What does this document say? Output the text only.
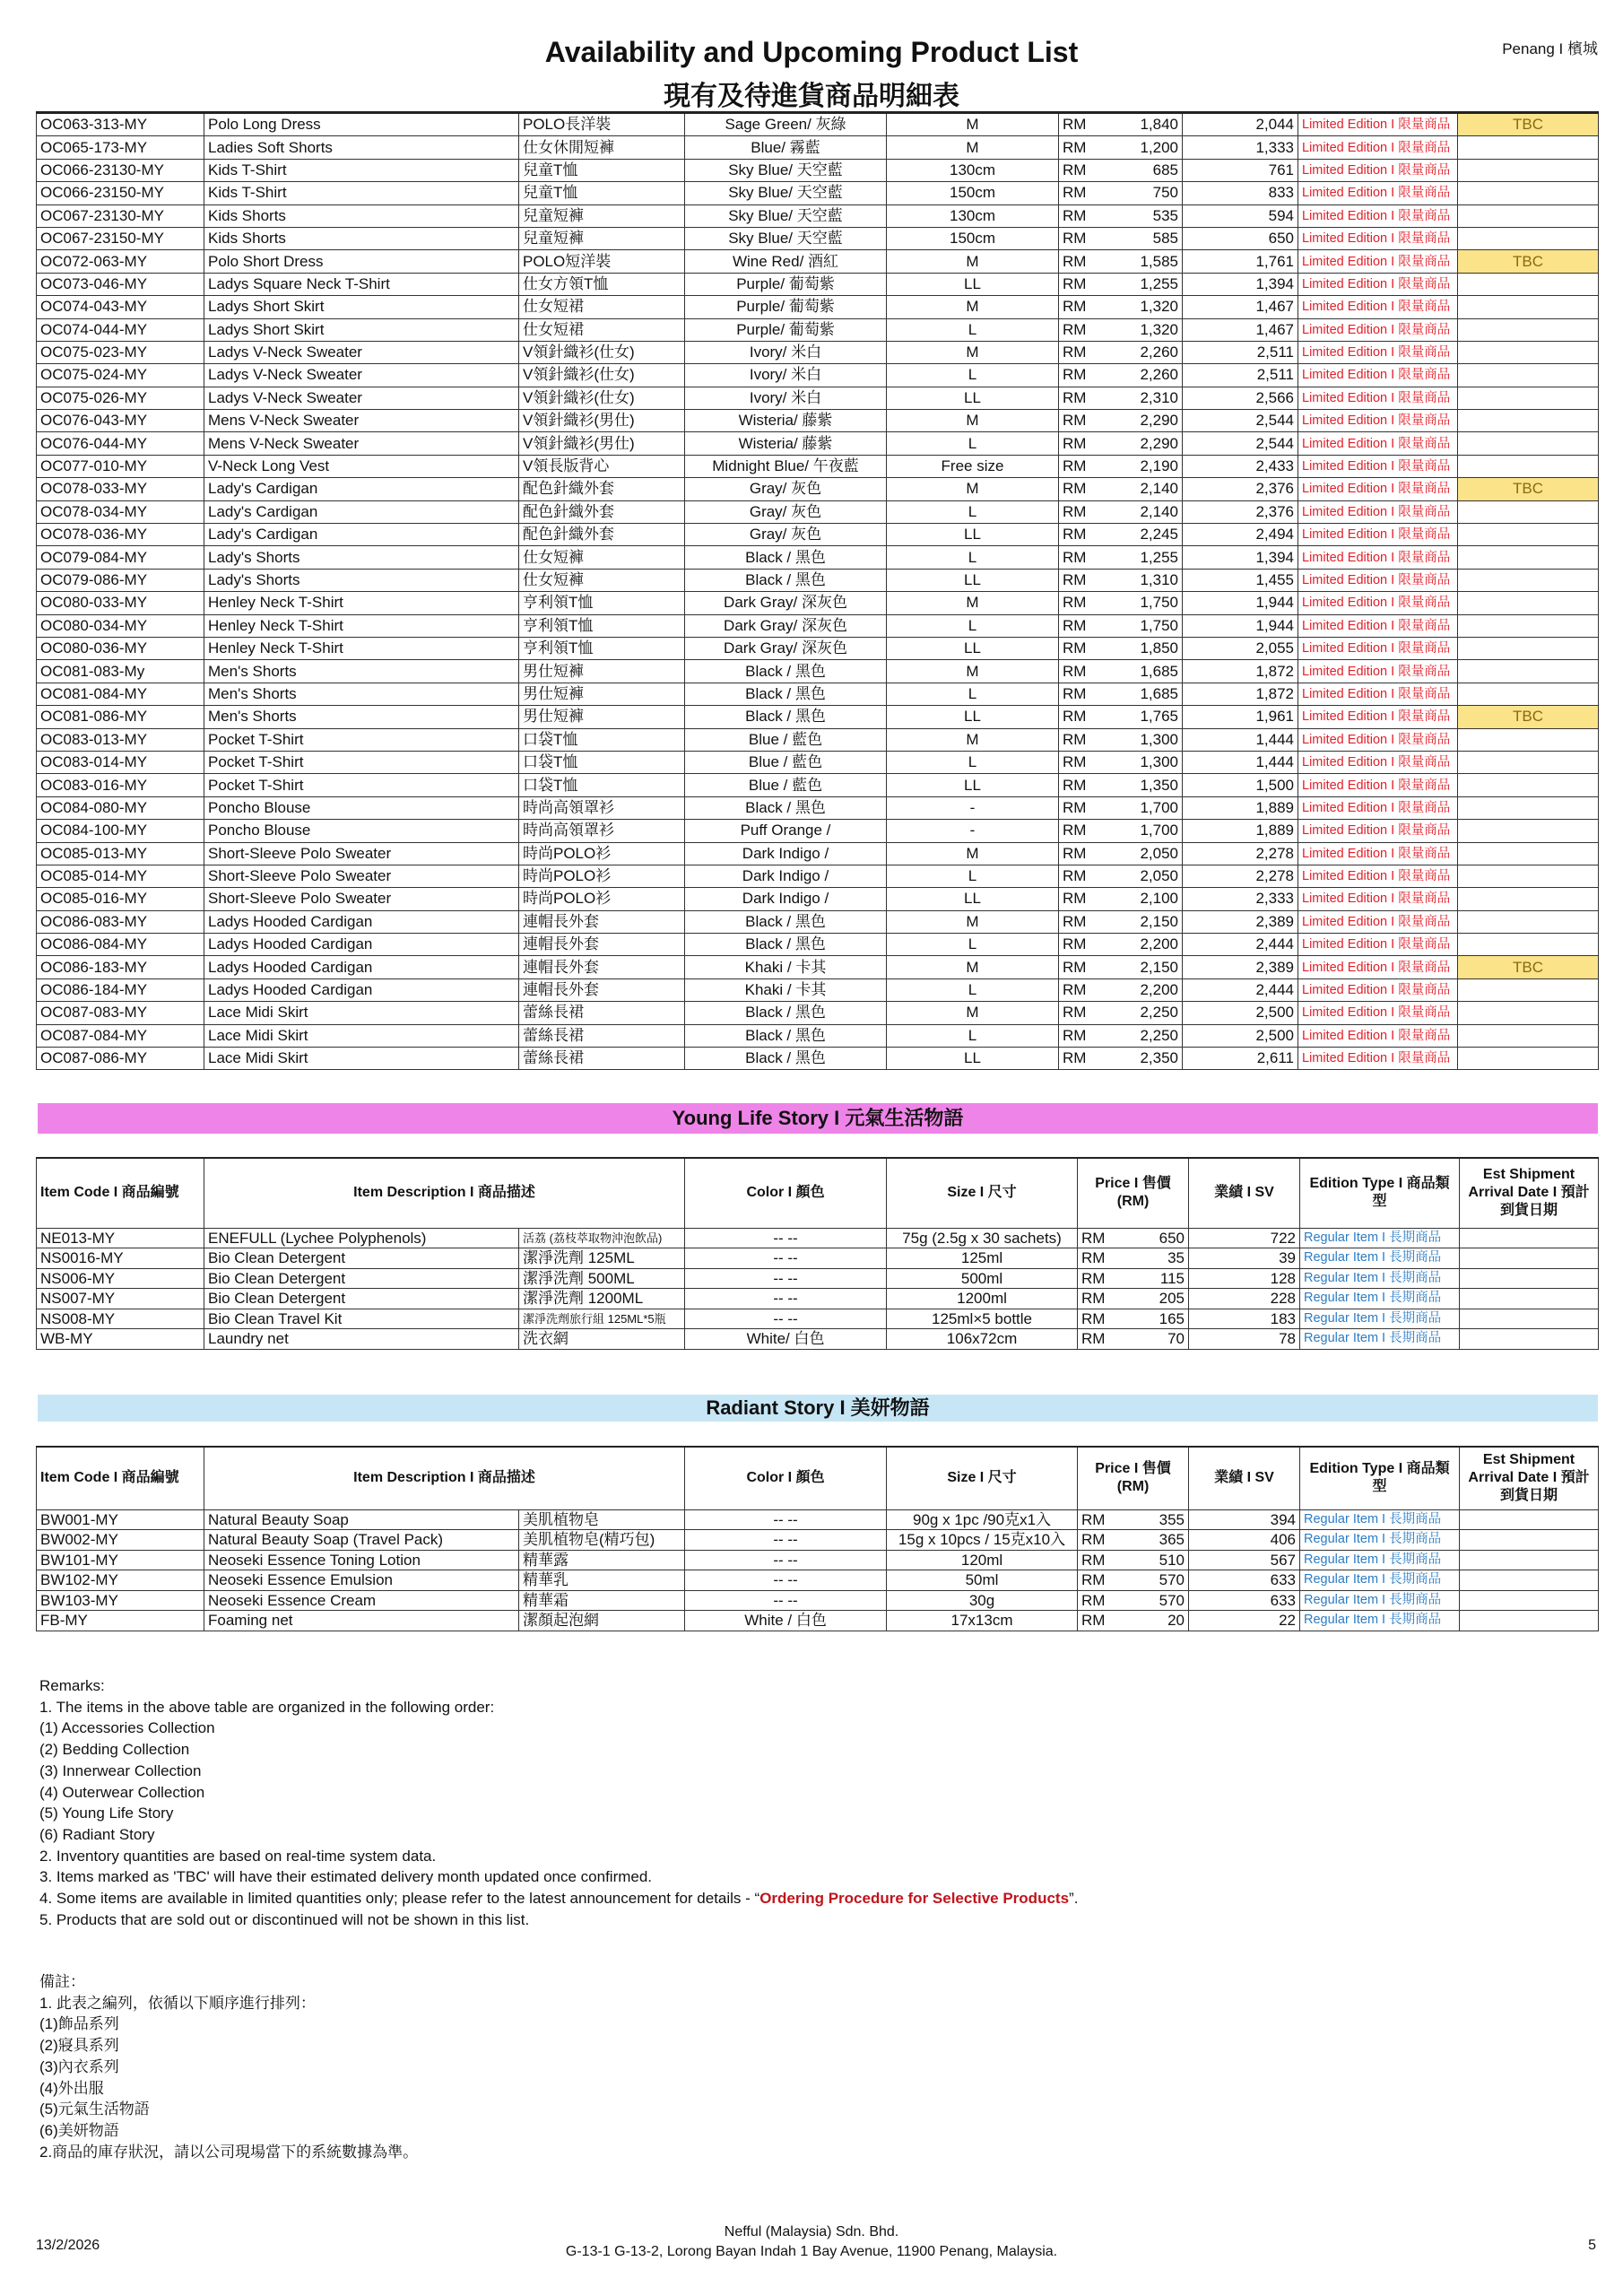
Availability and Upcoming Product List
現有及待進貨商品明細表
Penang I 檳城
OC063-313-MY	Polo Long Dress	POLO長洋裝	Sage Green/ 灰綠	M	RM 1,840	2,044	Limited Edition I 限量商品	TBC
OC065-173-MY	Ladies Soft Shorts	仕女休閒短褲	Blue/ 霧藍	M	RM 1,200	1,333	Limited Edition I 限量商品	
OC066-23130-MY	Kids T-Shirt	兒童T恤	Sky Blue/ 天空藍	130cm	RM 685	761	Limited Edition I 限量商品	
OC066-23150-MY	Kids T-Shirt	兒童T恤	Sky Blue/ 天空藍	150cm	RM 750	833	Limited Edition I 限量商品	
OC067-23130-MY	Kids Shorts	兒童短褲	Sky Blue/ 天空藍	130cm	RM 535	594	Limited Edition I 限量商品	
OC067-23150-MY	Kids Shorts	兒童短褲	Sky Blue/ 天空藍	150cm	RM 585	650	Limited Edition I 限量商品	
OC072-063-MY	Polo Short Dress	POLO短洋裝	Wine Red/ 酒紅	M	RM 1,585	1,761	Limited Edition I 限量商品	TBC
OC073-046-MY	Ladys Square Neck T-Shirt	仕女方領T恤	Purple/ 葡萄紫	LL	RM 1,255	1,394	Limited Edition I 限量商品	
OC074-043-MY	Ladys Short Skirt	仕女短裙	Purple/ 葡萄紫	M	RM 1,320	1,467	Limited Edition I 限量商品	
OC074-044-MY	Ladys Short Skirt	仕女短裙	Purple/ 葡萄紫	L	RM 1,320	1,467	Limited Edition I 限量商品	
OC075-023-MY	Ladys V-Neck Sweater	V領針織衫(仕女)	Ivory/ 米白	M	RM 2,260	2,511	Limited Edition I 限量商品	
OC075-024-MY	Ladys V-Neck Sweater	V領針織衫(仕女)	Ivory/ 米白	L	RM 2,260	2,511	Limited Edition I 限量商品	
OC075-026-MY	Ladys V-Neck Sweater	V領針織衫(仕女)	Ivory/ 米白	LL	RM 2,310	2,566	Limited Edition I 限量商品	
OC076-043-MY	Mens V-Neck Sweater	V領針織衫(男仕)	Wisteria/ 藤紫	M	RM 2,290	2,544	Limited Edition I 限量商品	
OC076-044-MY	Mens V-Neck Sweater	V領針織衫(男仕)	Wisteria/ 藤紫	L	RM 2,290	2,544	Limited Edition I 限量商品	
OC077-010-MY	V-Neck Long Vest	V領長版背心	Midnight Blue/ 午夜藍	Free size	RM 2,190	2,433	Limited Edition I 限量商品	
OC078-033-MY	Lady's Cardigan	配色針織外套	Gray/ 灰色	M	RM 2,140	2,376	Limited Edition I 限量商品	TBC
OC078-034-MY	Lady's Cardigan	配色針織外套	Gray/ 灰色	L	RM 2,140	2,376	Limited Edition I 限量商品	
OC078-036-MY	Lady's Cardigan	配色針織外套	Gray/ 灰色	LL	RM 2,245	2,494	Limited Edition I 限量商品	
OC079-084-MY	Lady's Shorts	仕女短褲	Black / 黑色	L	RM 1,255	1,394	Limited Edition I 限量商品	
OC079-086-MY	Lady's Shorts	仕女短褲	Black / 黑色	LL	RM 1,310	1,455	Limited Edition I 限量商品	
OC080-033-MY	Henley Neck T-Shirt	亨利領T恤	Dark Gray/ 深灰色	M	RM 1,750	1,944	Limited Edition I 限量商品	
OC080-034-MY	Henley Neck T-Shirt	亨利領T恤	Dark Gray/ 深灰色	L	RM 1,750	1,944	Limited Edition I 限量商品	
OC080-036-MY	Henley Neck T-Shirt	亨利領T恤	Dark Gray/ 深灰色	LL	RM 1,850	2,055	Limited Edition I 限量商品	
OC081-083-My	Men's Shorts	男仕短褲	Black / 黑色	M	RM 1,685	1,872	Limited Edition I 限量商品	
OC081-084-MY	Men's Shorts	男仕短褲	Black / 黑色	L	RM 1,685	1,872	Limited Edition I 限量商品	
OC081-086-MY	Men's Shorts	男仕短褲	Black / 黑色	LL	RM 1,765	1,961	Limited Edition I 限量商品	TBC
OC083-013-MY	Pocket T-Shirt	口袋T恤	Blue / 藍色	M	RM 1,300	1,444	Limited Edition I 限量商品	
OC083-014-MY	Pocket T-Shirt	口袋T恤	Blue / 藍色	L	RM 1,300	1,444	Limited Edition I 限量商品	
OC083-016-MY	Pocket T-Shirt	口袋T恤	Blue / 藍色	LL	RM 1,350	1,500	Limited Edition I 限量商品	
OC084-080-MY	Poncho Blouse	時尚高領罩衫	Black / 黑色	-	RM 1,700	1,889	Limited Edition I 限量商品	
OC084-100-MY	Poncho Blouse	時尚高領罩衫	Puff Orange /	-	RM 1,700	1,889	Limited Edition I 限量商品	
OC085-013-MY	Short-Sleeve Polo Sweater	時尚POLO衫	Dark Indigo /	M	RM 2,050	2,278	Limited Edition I 限量商品	
OC085-014-MY	Short-Sleeve Polo Sweater	時尚POLO衫	Dark Indigo /	L	RM 2,050	2,278	Limited Edition I 限量商品	
OC085-016-MY	Short-Sleeve Polo Sweater	時尚POLO衫	Dark Indigo /	LL	RM 2,100	2,333	Limited Edition I 限量商品	
OC086-083-MY	Ladys Hooded Cardigan	連帽長外套	Black / 黑色	M	RM 2,150	2,389	Limited Edition I 限量商品	
OC086-084-MY	Ladys Hooded Cardigan	連帽長外套	Black / 黑色	L	RM 2,200	2,444	Limited Edition I 限量商品	
OC086-183-MY	Ladys Hooded Cardigan	連帽長外套	Khaki / 卡其	M	RM 2,150	2,389	Limited Edition I 限量商品	TBC
OC086-184-MY	Ladys Hooded Cardigan	連帽長外套	Khaki / 卡其	L	RM 2,200	2,444	Limited Edition I 限量商品	
OC087-083-MY	Lace Midi Skirt	蕾絲長裙	Black / 黑色	M	RM 2,250	2,500	Limited Edition I 限量商品	
OC087-084-MY	Lace Midi Skirt	蕾絲長裙	Black / 黑色	L	RM 2,250	2,500	Limited Edition I 限量商品	
OC087-086-MY	Lace Midi Skirt	蕾絲長裙	Black / 黑色	LL	RM 2,350	2,611	Limited Edition I 限量商品	
Young Life Story I 元氣生活物語
Item Code I 商品編號	Item Description I 商品描述		Color I 顏色	Size I 尺寸	Price I 售價 (RM)	業績 I SV	Edition Type I 商品類型	Est Shipment Arrival Date I 預計到貨日期
NE013-MY	ENEFULL (Lychee Polyphenols)	活荔 (荔枝萃取物沖泡飲品)	-- --	75g (2.5g x 30 sachets)	RM 650	722	Regular Item I 長期商品	
NS0016-MY	Bio Clean Detergent	潔淨洗劑 125ML	-- --	125ml	RM 35	39	Regular Item I 長期商品	
NS006-MY	Bio Clean Detergent	潔淨洗劑 500ML	-- --	500ml	RM 115	128	Regular Item I 長期商品	
NS007-MY	Bio Clean Detergent	潔淨洗劑 1200ML	-- --	1200ml	RM 205	228	Regular Item I 長期商品	
NS008-MY	Bio Clean Travel Kit	潔淨洗劑旅行組 125ML*5瓶	-- --	125ml×5 bottle	RM 165	183	Regular Item I 長期商品	
WB-MY	Laundry net	洗衣網	White/ 白色	106x72cm	RM 70	78	Regular Item I 長期商品	
Radiant Story I 美妍物語
Item Code I 商品編號	Item Description I 商品描述		Color I 顏色	Size I 尺寸	Price I 售價 (RM)	業績 I SV	Edition Type I 商品類型	Est Shipment Arrival Date I 預計到貨日期
BW001-MY	Natural Beauty Soap	美肌植物皂	-- --	90g x 1pc /90克x1入	RM 355	394	Regular Item I 長期商品	
BW002-MY	Natural Beauty Soap (Travel Pack)	美肌植物皂(精巧包)	-- --	15g x 10pcs / 15克x10入	RM 365	406	Regular Item I 長期商品	
BW101-MY	Neoseki Essence Toning Lotion	精華露	-- --	120ml	RM 510	567	Regular Item I 長期商品	
BW102-MY	Neoseki Essence Emulsion	精華乳	-- --	50ml	RM 570	633	Regular Item I 長期商品	
BW103-MY	Neoseki Essence Cream	精華霜	-- --	30g	RM 570	633	Regular Item I 長期商品	
FB-MY	Foaming net	潔顏起泡網	White / 白色	17x13cm	RM 20	22	Regular Item I 長期商品	
Remarks:
1. The items in the above table are organized in the following order:
(1) Accessories Collection
(2) Bedding Collection
(3) Innerwear Collection
(4) Outerwear Collection
(5) Young Life Story
(6) Radiant Story
2. Inventory quantities are based on real-time system data.
3. Items marked as 'TBC' will have their estimated delivery month updated once confirmed.
4. Some items are available in limited quantities only; please refer to the latest announcement for details - “Ordering Procedure for Selective Products”.
5. Products that are sold out or discontinued will not be shown in this list.
備註：
1. 此表之編列，依循以下順序進行排列：
(1)飾品系列
(2)寢具系列
(3)內衣系列
(4)外出服
(5)元氣生活物語
(6)美妍物語
2.商品的庫存狀況，請以公司現場當下的系統數據為準。
13/2/2026
Nefful (Malaysia) Sdn. Bhd.
G-13-1 G-13-2, Lorong Bayan Indah 1 Bay Avenue, 11900 Penang, Malaysia.	5
